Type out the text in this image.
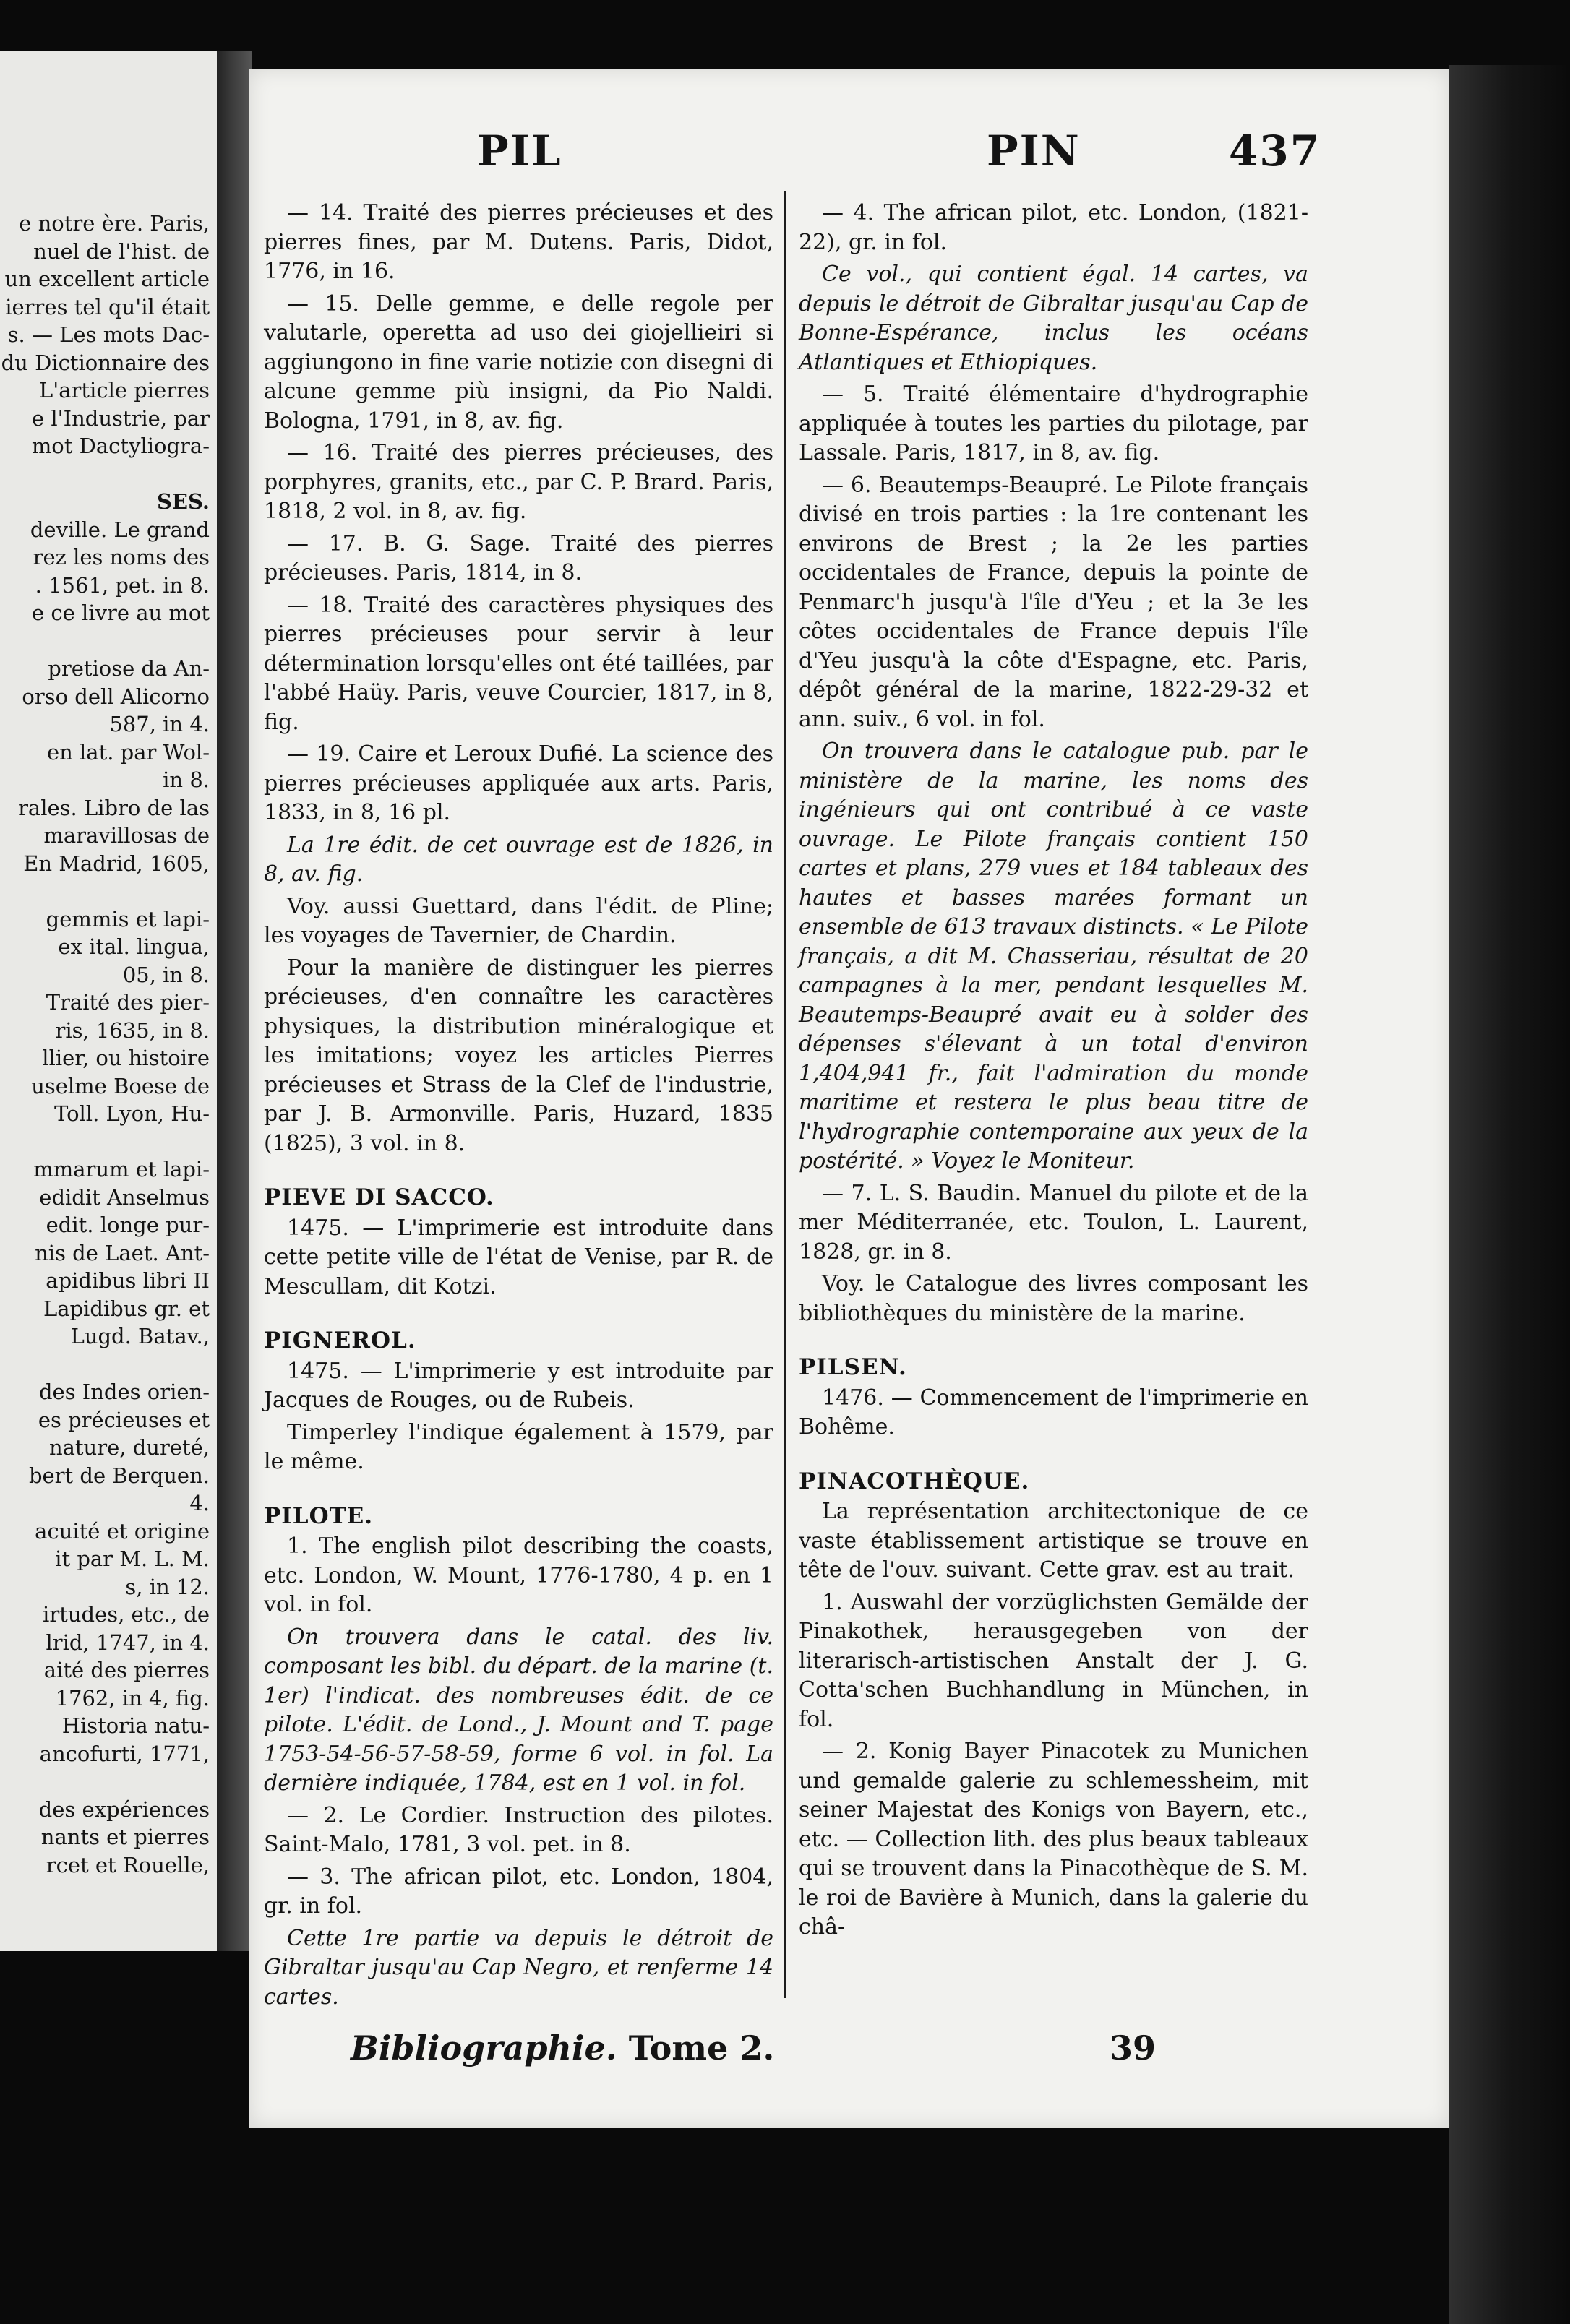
e notre ère. Paris,
nuel de l'hist. de
un excellent article
ierres tel qu'il était
s. — Les mots Dac-
du Dictionnaire des
L'article pierres
e l'Industrie, par
mot Dactyliogra-
SES.
deville. Le grand
rez les noms des
. 1561, pet. in 8.
e ce livre au mot
pretiose da An-
orso dell Alicorno
587, in 4.
en lat. par Wol-
in 8.
rales. Libro de las
maravillosas de
En Madrid, 1605,
gemmis et lapi-
ex ital. lingua,
05, in 8.
Traité des pier-
ris, 1635, in 8.
llier, ou histoire
uselme Boese de
Toll. Lyon, Hu-
mmarum et lapi-
edidit Anselmus
edit. longe pur-
nis de Laet. Ant-
apidibus libri II
Lapidibus gr. et
Lugd. Batav.,
des Indes orien-
es précieuses et
nature, dureté,
bert de Berquen.
4.
acuité et origine
it par M. L. M.
s, in 12.
irtudes, etc., de
lrid, 1747, in 4.
aité des pierres
1762, in 4, fig.
Historia natu-
ancofurti, 1771,
des expériences
nants et pierres
rcet et Rouelle,
PIL	PIN	437

— 14. Traité des pierres précieuses et des pierres fines, par M. Dutens. Paris, Didot, 1776, in 16.

— 15. Delle gemme, e delle regole per valutarle, operetta ad uso dei giojellieiri si aggiungono in fine varie notizie con disegni di alcune gemme più insigni, da Pio Naldi. Bologna, 1791, in 8, av. fig.

— 16. Traité des pierres précieuses, des porphyres, granits, etc., par C. P. Brard. Paris, 1818, 2 vol. in 8, av. fig.

— 17. B. G. Sage. Traité des pierres précieuses. Paris, 1814, in 8.

— 18. Traité des caractères physiques des pierres précieuses pour servir à leur détermination lorsqu'elles ont été taillées, par l'abbé Haüy. Paris, veuve Courcier, 1817, in 8, fig.

— 19. Caire et Leroux Dufié. La science des pierres précieuses appliquée aux arts. Paris, 1833, in 8, 16 pl.

La 1re édit. de cet ouvrage est de 1826, in 8, av. fig.

Voy. aussi Guettard, dans l'édit. de Pline; les voyages de Tavernier, de Chardin.

Pour la manière de distinguer les pierres précieuses, d'en connaître les caractères physiques, la distribution minéralogique et les imitations; voyez les articles Pierres précieuses et Strass de la Clef de l'industrie, par J. B. Armonville. Paris, Huzard, 1835 (1825), 3 vol. in 8.

PIEVE DI SACCO.

1475. — L'imprimerie est introduite dans cette petite ville de l'état de Venise, par R. de Mescullam, dit Kotzi.

PIGNEROL.

1475. — L'imprimerie y est introduite par Jacques de Rouges, ou de Rubeis.

Timperley l'indique également à 1579, par le même.

PILOTE.

1. The english pilot describing the coasts, etc. London, W. Mount, 1776-1780, 4 p. en 1 vol. in fol.

On trouvera dans le catal. des liv. composant les bibl. du départ. de la marine (t. 1er) l'indicat. des nombreuses édit. de ce pilote. L'édit. de Lond., J. Mount and T. page 1753-54-56-57-58-59, forme 6 vol. in fol. La dernière indiquée, 1784, est en 1 vol. in fol.

— 2. Le Cordier. Instruction des pilotes. Saint-Malo, 1781, 3 vol. pet. in 8.

— 3. The african pilot, etc. London, 1804, gr. in fol.

Cette 1re partie va depuis le détroit de Gibraltar jusqu'au Cap Negro, et renferme 14 cartes.

— 4. The african pilot, etc. London, (1821-22), gr. in fol.

Ce vol., qui contient égal. 14 cartes, va depuis le détroit de Gibraltar jusqu'au Cap de Bonne-Espérance, inclus les océans Atlantiques et Ethiopiques.

— 5. Traité élémentaire d'hydrographie appliquée à toutes les parties du pilotage, par Lassale. Paris, 1817, in 8, av. fig.

— 6. Beautemps-Beaupré. Le Pilote français divisé en trois parties : la 1re contenant les environs de Brest ; la 2e les parties occidentales de France, depuis la pointe de Penmarc'h jusqu'à l'île d'Yeu ; et la 3e les côtes occidentales de France depuis l'île d'Yeu jusqu'à la côte d'Espagne, etc. Paris, dépôt général de la marine, 1822-29-32 et ann. suiv., 6 vol. in fol.

On trouvera dans le catalogue pub. par le ministère de la marine, les noms des ingénieurs qui ont contribué à ce vaste ouvrage. Le Pilote français contient 150 cartes et plans, 279 vues et 184 tableaux des hautes et basses marées formant un ensemble de 613 travaux distincts. « Le Pilote français, a dit M. Chasseriau, résultat de 20 campagnes à la mer, pendant lesquelles M. Beautemps-Beaupré avait eu à solder des dépenses s'élevant à un total d'environ 1,404,941 fr., fait l'admiration du monde maritime et restera le plus beau titre de l'hydrographie contemporaine aux yeux de la postérité. » Voyez le Moniteur.

— 7. L. S. Baudin. Manuel du pilote et de la mer Méditerranée, etc. Toulon, L. Laurent, 1828, gr. in 8.

Voy. le Catalogue des livres composant les bibliothèques du ministère de la marine.

PILSEN.

1476. — Commencement de l'imprimerie en Bohême.

PINACOTHÈQUE.

La représentation architectonique de ce vaste établissement artistique se trouve en tête de l'ouv. suivant. Cette grav. est au trait.

1. Auswahl der vorzüglichsten Gemälde der Pinakothek, herausgegeben von der literarisch-artistischen Anstalt der J. G. Cotta'schen Buchhandlung in München, in fol.

— 2. Konig Bayer Pinacotek zu Munichen und gemalde galerie zu schlemessheim, mit seiner Majestat des Konigs von Bayern, etc., etc. — Collection lith. des plus beaux tableaux qui se trouvent dans la Pinacothèque de S. M. le roi de Bavière à Munich, dans la galerie du châ-

Bibliographie. Tome 2.	39
